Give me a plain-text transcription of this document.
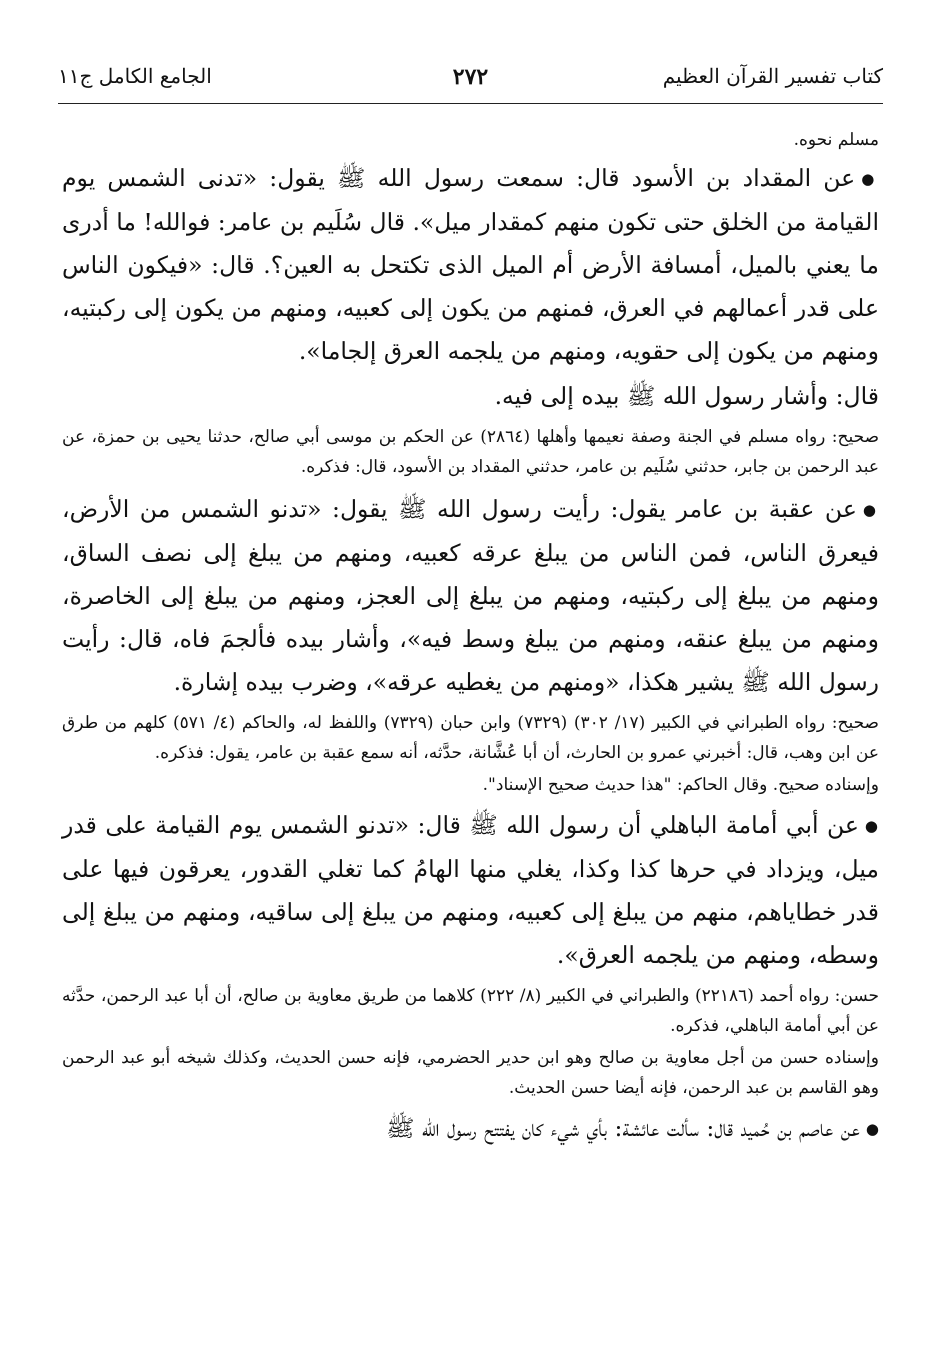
كتاب تفسير القرآن العظيم
٢٧٢
الجامع الكامل ج١١

مسلم نحوه.

●عن المقداد بن الأسود قال: سمعت رسول الله ﷺ يقول: «تدنى الشمس يوم القيامة من الخلق حتى تكون منهم كمقدار ميل». قال سُلَيم بن عامر: فوالله! ما أدرى ما يعني بالميل، أمسافة الأرض أم الميل الذى تكتحل به العين؟. قال: «فيكون الناس على قدر أعمالهم في العرق، فمنهم من يكون إلى كعبيه، ومنهم من يكون إلى ركبتيه، ومنهم من يكون إلى حقويه، ومنهم من يلجمه العرق إلجاما».

قال: وأشار رسول الله ﷺ بيده إلى فيه.

صحيح: رواه مسلم في الجنة وصفة نعيمها وأهلها (٢٨٦٤) عن الحكم بن موسى أبي صالح، حدثنا يحيى بن حمزة، عن عبد الرحمن بن جابر، حدثني سُلَيم بن عامر، حدثني المقداد بن الأسود، قال: فذكره.

●عن عقبة بن عامر يقول: رأيت رسول الله ﷺ يقول: «تدنو الشمس من الأرض، فيعرق الناس، فمن الناس من يبلغ عرقه كعبيه، ومنهم من يبلغ إلى نصف الساق، ومنهم من يبلغ إلى ركبتيه، ومنهم من يبلغ إلى العجز، ومنهم من يبلغ إلى الخاصرة، ومنهم من يبلغ عنقه، ومنهم من يبلغ وسط فيه»، وأشار بيده فألجمَ فاه، قال: رأيت رسول الله ﷺ يشير هكذا، «ومنهم من يغطيه عرقه»، وضرب بيده إشارة.

صحيح: رواه الطبراني في الكبير (١٧/ ٣٠٢) (٧٣٢٩) وابن حبان (٧٣٢٩) واللفظ له، والحاكم (٤/ ٥٧١) كلهم من طرق عن ابن وهب، قال: أخبرني عمرو بن الحارث، أن أبا عُشَّانة، حدَّثه، أنه سمع عقبة بن عامر، يقول: فذكره.

وإسناده صحيح. وقال الحاكم: "هذا حديث صحيح الإسناد".

●عن أبي أمامة الباهلي أن رسول الله ﷺ قال: «تدنو الشمس يوم القيامة على قدر ميل، ويزداد في حرها كذا وكذا، يغلي منها الهامُ كما تغلي القدور، يعرقون فيها على قدر خطاياهم، منهم من يبلغ إلى كعبيه، ومنهم من يبلغ إلى ساقيه، ومنهم من يبلغ إلى وسطه، ومنهم من يلجمه العرق».

حسن: رواه أحمد (٢٢١٨٦) والطبراني في الكبير (٨/ ٢٢٢) كلاهما من طريق معاوية بن صالح، أن أبا عبد الرحمن، حدَّثه عن أبي أمامة الباهلي، فذكره.

وإسناده حسن من أجل معاوية بن صالح وهو ابن حدير الحضرمي، فإنه حسن الحديث، وكذلك شيخه أبو عبد الرحمن وهو القاسم بن عبد الرحمن، فإنه أيضا حسن الحديث.

●عن عاصم بن حُميد قال: سألت عائشة: بأي شيء كان يفتتح رسول الله ﷺ
